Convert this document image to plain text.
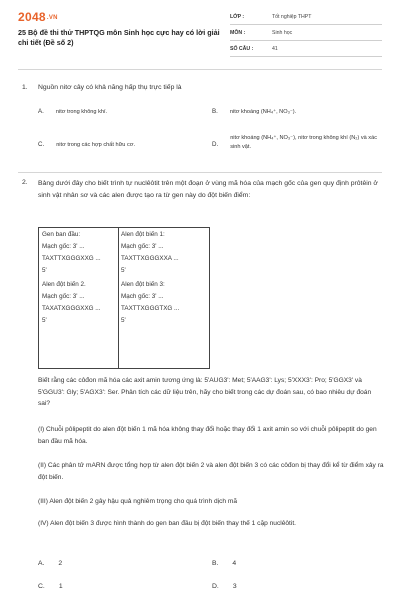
2048.VN
25 Bộ đề thi thử THPTQG môn Sinh học cực hay có lời giải chi tiết (Đề số 2)
LỚP :	Tốt nghiệp THPT
MÔN :	Sinh học
SỐ CÂU :	41
1. Nguồn nitơ cây có khả năng hấp thụ trực tiếp là
A. nitơ trong không khí.	B. nitơ khoáng (NH₄⁺, NO₃⁻).
C. nitơ trong các hợp chất hữu cơ.	D.
nitơ khoáng (NH₄⁺, NO₃⁻), nitơ trong không khí (N₂) và xác sinh vật.
2. Bảng dưới đây cho biết trình tự nuclêôtit trên một đoạn ở vùng mã hóa của mạch gốc của gen quy định prôtêin ở sinh vật nhân sơ và các alen được tạo ra từ gen này do đột biến điểm:
Gen ban đầu:
Mạch gốc: 3' ...
TAXTTXGGGXXG ...
5'
Alen đột biến 2.
Mạch gốc: 3' ...
TAXATXGGGXXG ...
5'
Alen đột biến 1:
Mạch gốc: 3' ...
TAXTTXGGGXXA ...
5'
Alen đột biến 3:
Mạch gốc: 3' ...
TAXTTXGGGTXG ...
5'
Biết rằng các côđon mã hóa các axit amin tương ứng là: 5'AUG3': Met; 5'AAG3': Lys; 5'XXX3': Pro; 5'GGX3' và 5'GGU3': Gly; 5'AGX3': Ser. Phân tích các dữ liệu trên, hãy cho biết trong các dự đoán sau, có bao nhiêu dự đoán sai?
(I) Chuỗi pôlipeptit do alen đột biến 1 mã hóa không thay đổi hoặc thay đổi 1 axit amin so với chuỗi pôlipeptit do gen ban đầu mã hóa.
(II) Các phân tử mARN được tổng hợp từ alen đột biến 2 và alen đột biến 3 có các côđon bị thay đổi kể từ điểm xảy ra đột biến.
(III) Alen đột biến 2 gây hậu quả nghiêm trọng cho quá trình dịch mã
(IV) Alen đột biến 3 được hình thành do gen ban đầu bị đột biến thay thế 1 cặp nuclêôtit.
A. 2	B. 4
C. 1	D. 3
